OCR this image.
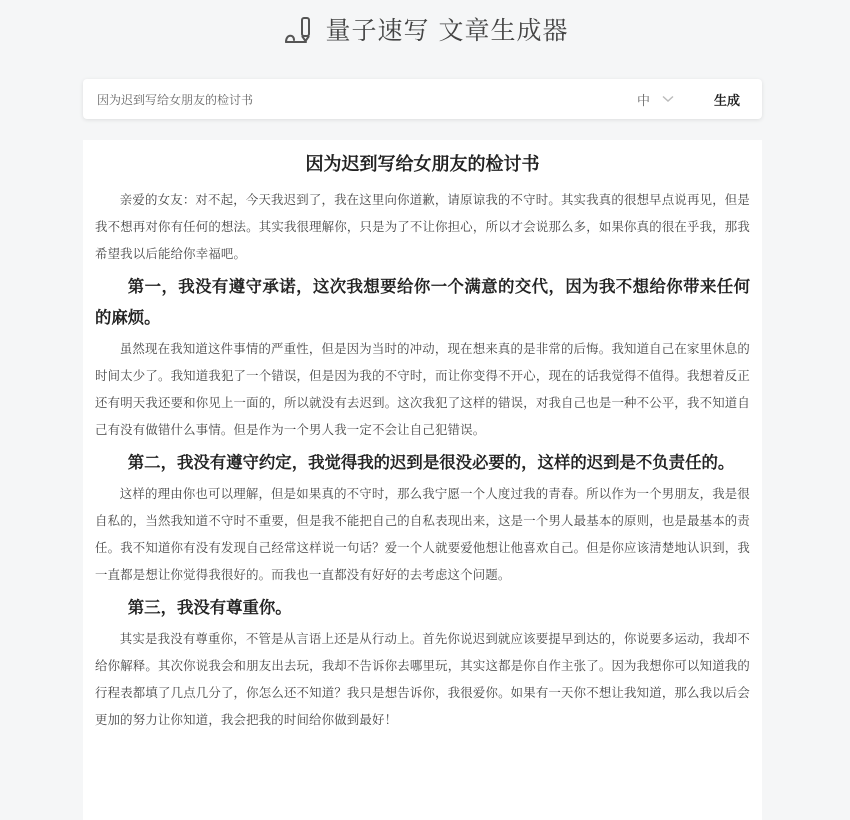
量子速写 文章生成器
因为迟到写给女朋友的检讨书
中	生成
因为迟到写给女朋友的检讨书

亲爱的女友：对不起，今天我迟到了，我在这里向你道歉，请原谅我的不守时。其实我真的很想早点说再见，但是我不想再对你有任何的想法。其实我很理解你，只是为了不让你担心，所以才会说那么多，如果你真的很在乎我，那我希望我以后能给你幸福吧。

第一，我没有遵守承诺，这次我想要给你一个满意的交代，因为我不想给你带来任何的麻烦。

虽然现在我知道这件事情的严重性，但是因为当时的冲动，现在想来真的是非常的后悔。我知道自己在家里休息的时间太少了。我知道我犯了一个错误，但是因为我的不守时，而让你变得不开心，现在的话我觉得不值得。我想着反正还有明天我还要和你见上一面的，所以就没有去迟到。这次我犯了这样的错误，对我自己也是一种不公平，我不知道自己有没有做错什么事情。但是作为一个男人我一定不会让自己犯错误。

第二，我没有遵守约定，我觉得我的迟到是很没必要的，这样的迟到是不负责任的。

这样的理由你也可以理解，但是如果真的不守时，那么我宁愿一个人度过我的青春。所以作为一个男朋友，我是很自私的，当然我知道不守时不重要，但是我不能把自己的自私表现出来，这是一个男人最基本的原则，也是最基本的责任。我不知道你有没有发现自己经常这样说一句话？爱一个人就要爱他想让他喜欢自己。但是你应该清楚地认识到，我一直都是想让你觉得我很好的。而我也一直都没有好好的去考虑这个问题。

第三，我没有尊重你。

其实是我没有尊重你，不管是从言语上还是从行动上。首先你说迟到就应该要提早到达的，你说要多运动，我却不给你解释。其次你说我会和朋友出去玩，我却不告诉你去哪里玩，其实这都是你自作主张了。因为我想你可以知道我的行程表都填了几点几分了，你怎么还不知道？我只是想告诉你，我很爱你。如果有一天你不想让我知道，那么我以后会更加的努力让你知道，我会把我的时间给你做到最好！
